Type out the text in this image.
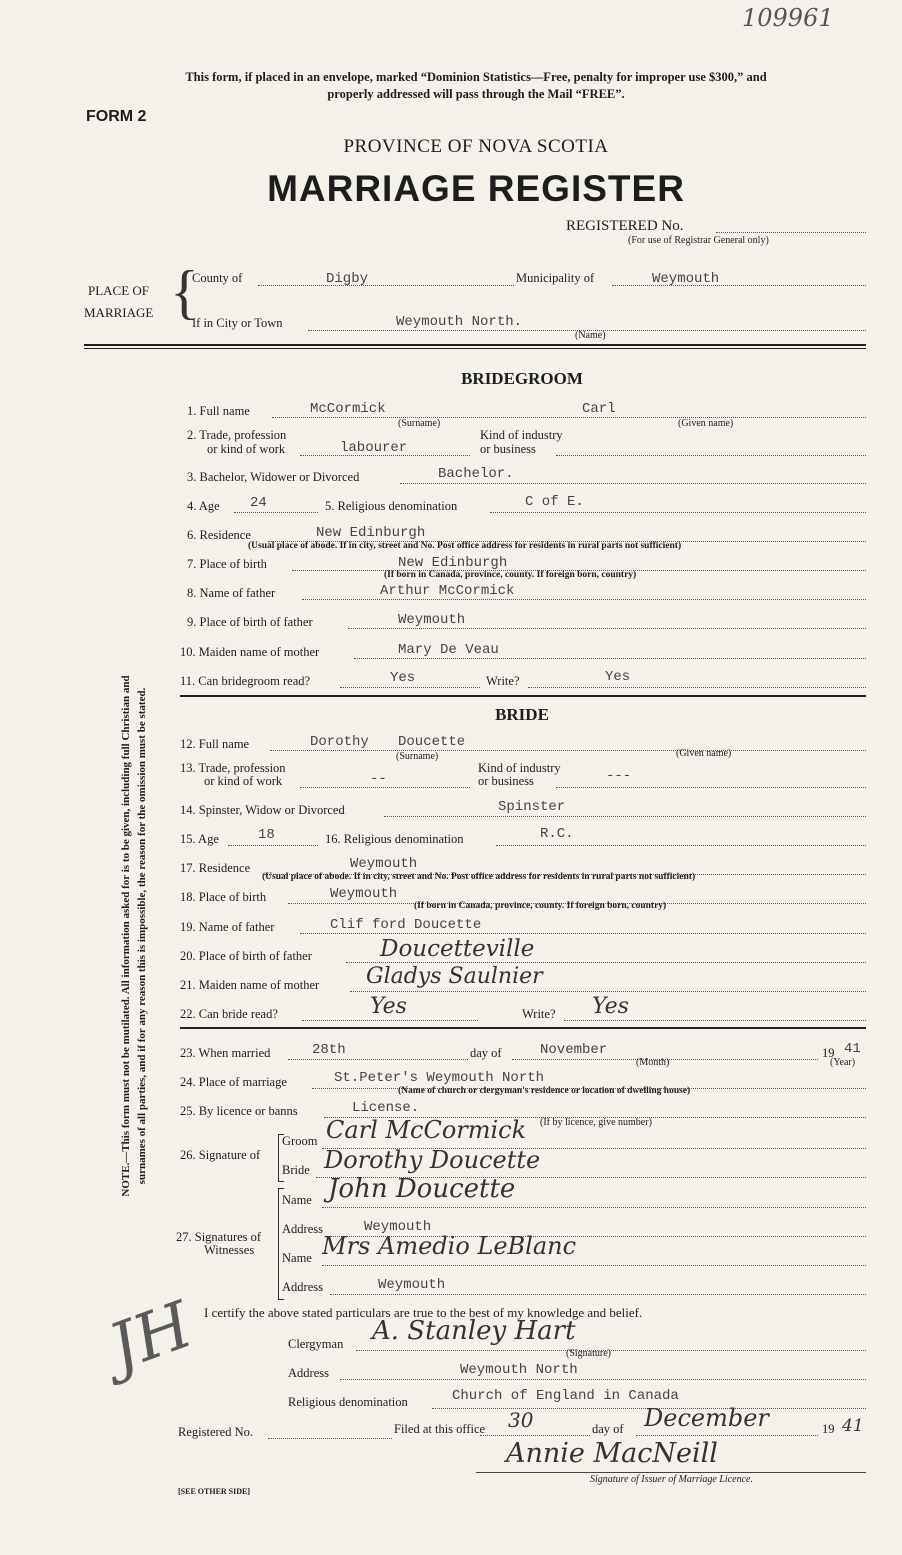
109961
This form, if placed in an envelope, marked “Dominion Statistics—Free, penalty for improper use $300,” and
properly addressed will pass through the Mail “FREE”.
FORM 2
PROVINCE OF NOVA SCOTIA
MARRIAGE REGISTER
REGISTERED No.
(For use of Registrar General only)
PLACE OF
MARRIAGE {
County of	Digby	Municipality of	Weymouth
If in City or Town	Weymouth North.
(Name)
BRIDEGROOM
1. Full name	McCormick	Carl
(Surname)	(Given name)
2. Trade, profession
or kind of work	labourer
Kind of industry
or business
3. Bachelor, Widower or Divorced	Bachelor.
4. Age 24	5. Religious denomination	C of E.
6. Residence	New Edinburgh
(Usual place of abode. If in city, street and No. Post office address for residents in rural parts not sufficient)
7. Place of birth	New Edinburgh
(If born in Canada, province, county. If foreign born, country)
8. Name of father	Arthur McCormick
9. Place of birth of father	Weymouth
10. Maiden name of mother	Mary De Veau
11. Can bridegroom read?	Yes	Write?	Yes
BRIDE
12. Full name	Dorothy Doucette
(Surname)	(Given name)
13. Trade, profession
or kind of work	--
Kind of industry
or business	---
14. Spinster, Widow or Divorced	Spinster
15. Age	18	16. Religious denomination	R.C.
17. Residence	Weymouth
(Usual place of abode. If in city, street and No. Post office address for residents in rural parts not sufficient)
18. Place of birth	Weymouth
(If born in Canada, province, county. If foreign born, country)
19. Name of father	Clif ford Doucette
20. Place of birth of father	Doucetteville
21. Maiden name of mother Gladys Saulnier
22. Can bride read?	Yes	Write? Yes
23. When married	28th	day of	November
(Month)
19 41
(Year)
24. Place of marriage	St.Peter's Weymouth North
(Name of church or clergyman's residence or location of dwelling house)
25. By licence or banns	License.
(If by licence, give number)
26. Signature of
Groom Carl McCormick
Bride Dorothy Doucette
27. Signatures of
Witnesses
Name John Doucette
Address	Weymouth
Name Mrs Amedio LeBlanc
Address	Weymouth
I certify the above stated particulars are true to the best of my knowledge and belief.
Clergyman A. Stanley Hart
(Signature)
Address	Weymouth North
Religious denomination	Church of England in Canada
Registered No.	Filed at this office 30	day of December	19 41
Annie MacNeill
Signature of Issuer of Marriage Licence.
NOTE.—This form must not be mutilated. All information asked for is to be given, including full Christian and surnames of all parties, and if for any reason this is impossible, the reason for the omission must be stated.
JH
[SEE OTHER SIDE]
